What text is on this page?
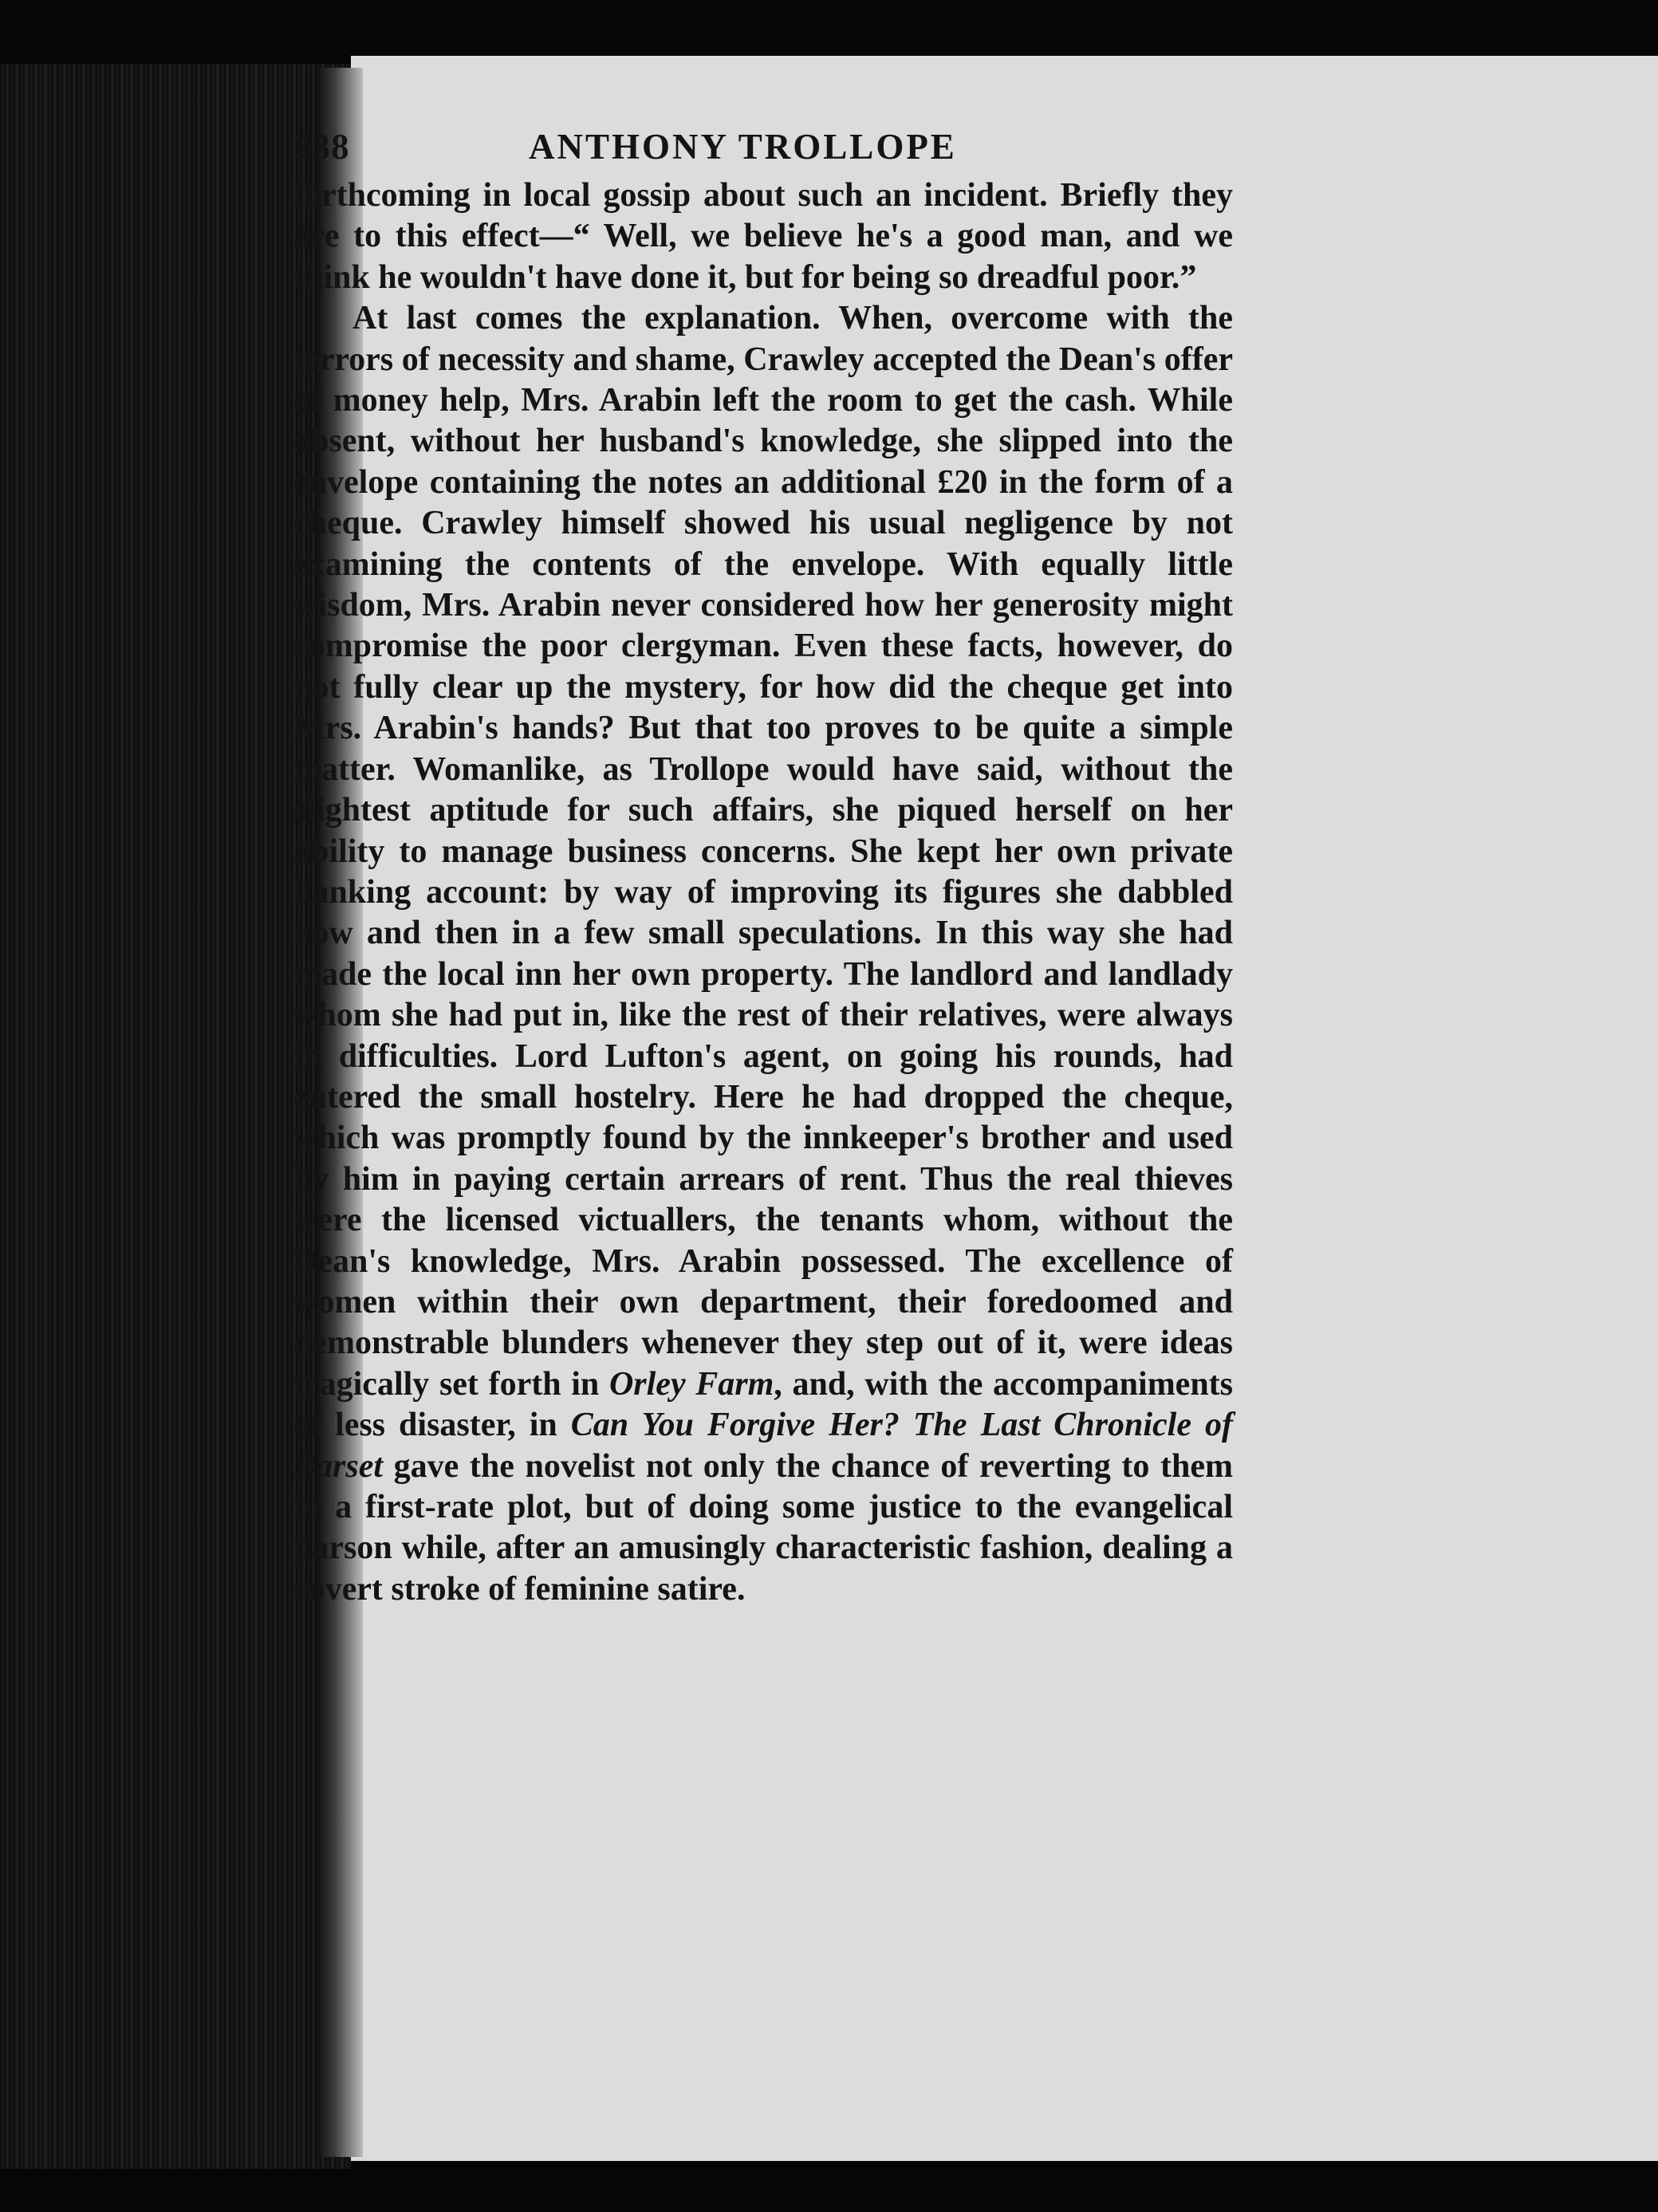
238	ANTHONY TROLLOPE

forthcoming in local gossip about such an incident. Briefly they are to this effect—“ Well, we believe he's a good man, and we think he wouldn't have done it, but for being so dreadful poor.”

At last comes the explanation. When, overcome with the terrors of necessity and shame, Crawley accepted the Dean's offer of money help, Mrs. Arabin left the room to get the cash. While absent, without her husband's knowledge, she slipped into the envelope containing the notes an additional £20 in the form of a cheque. Crawley himself showed his usual negligence by not examining the contents of the envelope. With equally little wisdom, Mrs. Arabin never considered how her generosity might compromise the poor clergyman. Even these facts, however, do not fully clear up the mystery, for how did the cheque get into Mrs. Arabin's hands? But that too proves to be quite a simple matter. Womanlike, as Trollope would have said, without the slightest aptitude for such affairs, she piqued herself on her ability to manage business concerns. She kept her own private banking account: by way of improving its figures she dabbled now and then in a few small speculations. In this way she had made the local inn her own property. The landlord and landlady whom she had put in, like the rest of their relatives, were always in difficulties. Lord Lufton's agent, on going his rounds, had entered the small hostelry. Here he had dropped the cheque, which was promptly found by the innkeeper's brother and used by him in paying certain arrears of rent. Thus the real thieves were the licensed victuallers, the tenants whom, without the Dean's knowledge, Mrs. Arabin possessed. The excellence of women within their own department, their foredoomed and demonstrable blunders whenever they step out of it, were ideas tragically set forth in Orley Farm, and, with the accompaniments of less disaster, in Can You Forgive Her? The Last Chronicle of Barset gave the novelist not only the chance of reverting to them in a first-rate plot, but of doing some justice to the evangelical parson while, after an amusingly characteristic fashion, dealing a covert stroke of feminine satire.
